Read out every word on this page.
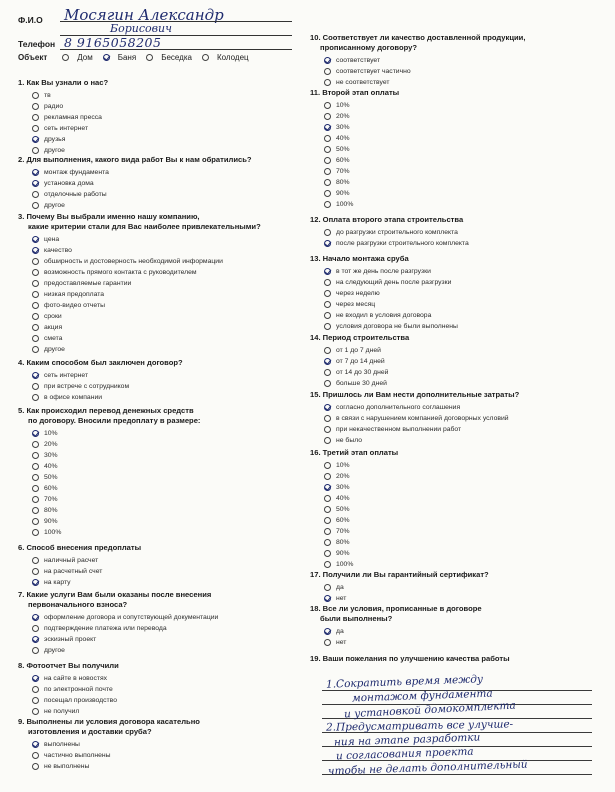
Ф.И.О Мосягин Александр
Борисович
Телефон 8 9165058205
Объект	Дом	Баня	Беседка	Колодец
1. Как Вы узнали о нас?
тв
радио
рекламная пресса
сеть интернет
друзья
другое
2. Для выполнения, какого вида работ Вы к нам обратились?
монтаж фундамента
установка дома
отделочные работы
другое
3. Почему Вы выбрали именно нашу компанию,
какие критерии стали для Вас наиболее привлекательными?
цена
качество
обширность и достоверность необходимой информации
возможность прямого контакта с руководителем
предоставляемые гарантии
низкая предоплата
фото-видео отчеты
сроки
акция
смета
другое
4. Каким способом был заключен договор?
сеть интернет
при встрече с сотрудником
в офисе компании
5. Как происходил перевод денежных средств
по договору. Вносили предоплату в размере:
10%
20%
30%
40%
50%
60%
70%
80%
90%
100%
6. Способ внесения предоплаты
наличный расчет
на расчетный счет
на карту
7. Какие услуги Вам были оказаны после внесения
первоначального взноса?
оформление договора и сопутствующей документации
подтверждение платежа или перевода
эскизный проект
другое
8. Фотоотчет Вы получили
на сайте в новостях
по электронной почте
посещал производство
не получил
9. Выполнены ли условия договора касательно
изготовления и доставки сруба?
выполнены
частично выполнены
не выполнены
10. Соответствует ли качество доставленной продукции,
прописанному договору?
соответствует
соответствует частично
не соответствует
11. Второй этап оплаты
10%
20%
30%
40%
50%
60%
70%
80%
90%
100%
12. Оплата второго этапа строительства
до разгрузки строительного комплекта
после разгрузки строительного комплекта
13. Начало монтажа сруба
в тот же день после разгрузки
на следующий день после разгрузки
через неделю
через месяц
не входил в условия договора
условия договора не были выполнены
14. Период строительства
от 1 до 7 дней
от 7 до 14 дней
от 14 до 30 дней
больше 30 дней
15. Пришлось ли Вам нести дополнительные затраты?
согласно дополнительного соглашения
в связи с нарушением компанией договорных условий
при некачественном выполнении работ
не было
16. Третий этап оплаты
10%
20%
30%
40%
50%
60%
70%
80%
90%
100%
17. Получили ли Вы гарантийный сертификат?
да
нет
18. Все ли условия, прописанные в договоре
были выполнены?
да
нет
19. Ваши пожелания по улучшению качества работы
1.Сократить время между
монтажом фундамента
и установкой домокомплекта
2.Предусматривать все улучше-
ния на этапе разработки
и согласования проекта
чтобы не делать дополнительный
